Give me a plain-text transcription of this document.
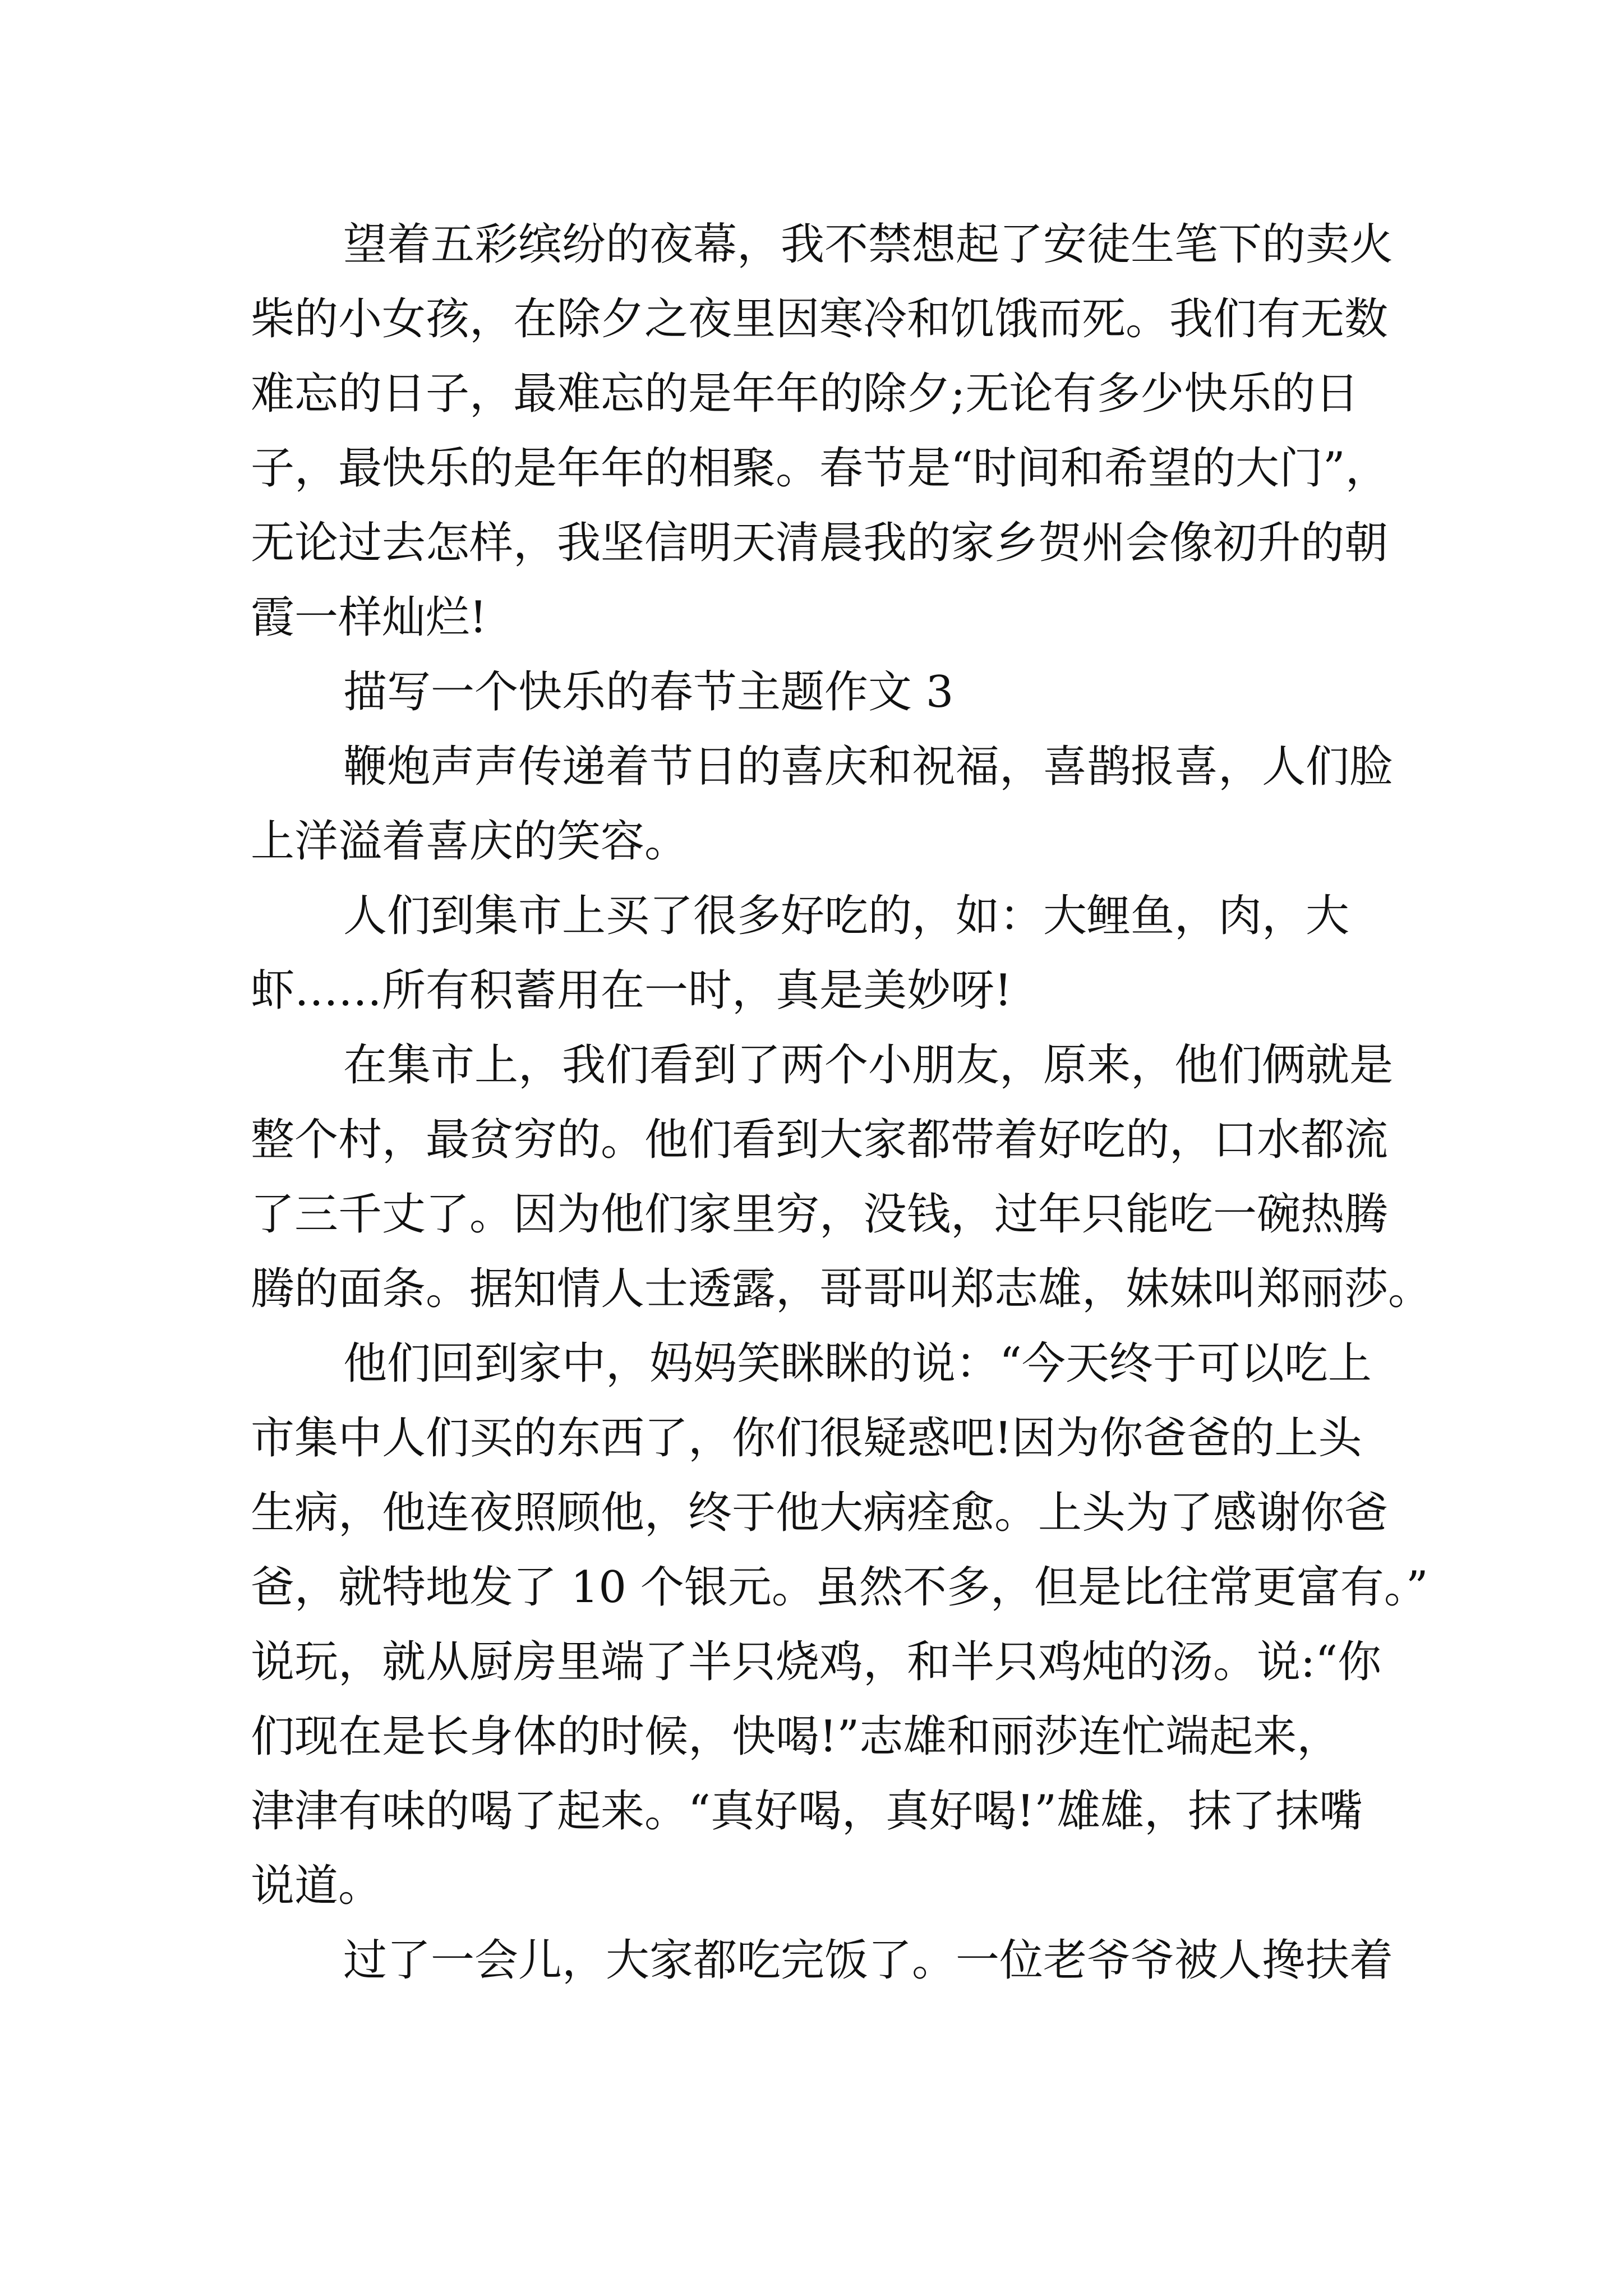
望着五彩缤纷的夜幕，我不禁想起了安徒生笔下的卖火
柴的小女孩，在除夕之夜里因寒冷和饥饿而死。我们有无数
难忘的日子，最难忘的是年年的除夕;无论有多少快乐的日
子，最快乐的是年年的相聚。春节是“时间和希望的大门”，
无论过去怎样，我坚信明天清晨我的家乡贺州会像初升的朝
霞一样灿烂!
描写一个快乐的春节主题作文 3
鞭炮声声传递着节日的喜庆和祝福，喜鹊报喜，人们脸
上洋溢着喜庆的笑容。
人们到集市上买了很多好吃的，如：大鲤鱼，肉，大
虾……所有积蓄用在一时，真是美妙呀!
在集市上，我们看到了两个小朋友，原来，他们俩就是
整个村，最贫穷的。他们看到大家都带着好吃的，口水都流
了三千丈了。因为他们家里穷，没钱，过年只能吃一碗热腾
腾的面条。据知情人士透露，哥哥叫郑志雄，妹妹叫郑丽莎。
他们回到家中，妈妈笑眯眯的说：“今天终于可以吃上
市集中人们买的东西了，你们很疑惑吧!因为你爸爸的上头
生病，他连夜照顾他，终于他大病痊愈。上头为了感谢你爸
爸，就特地发了 10 个银元。虽然不多，但是比往常更富有。”
说玩，就从厨房里端了半只烧鸡，和半只鸡炖的汤。说:“你
们现在是长身体的时候，快喝!”志雄和丽莎连忙端起来，
津津有味的喝了起来。“真好喝，真好喝!”雄雄，抹了抹嘴
说道。
过了一会儿，大家都吃完饭了。一位老爷爷被人搀扶着
